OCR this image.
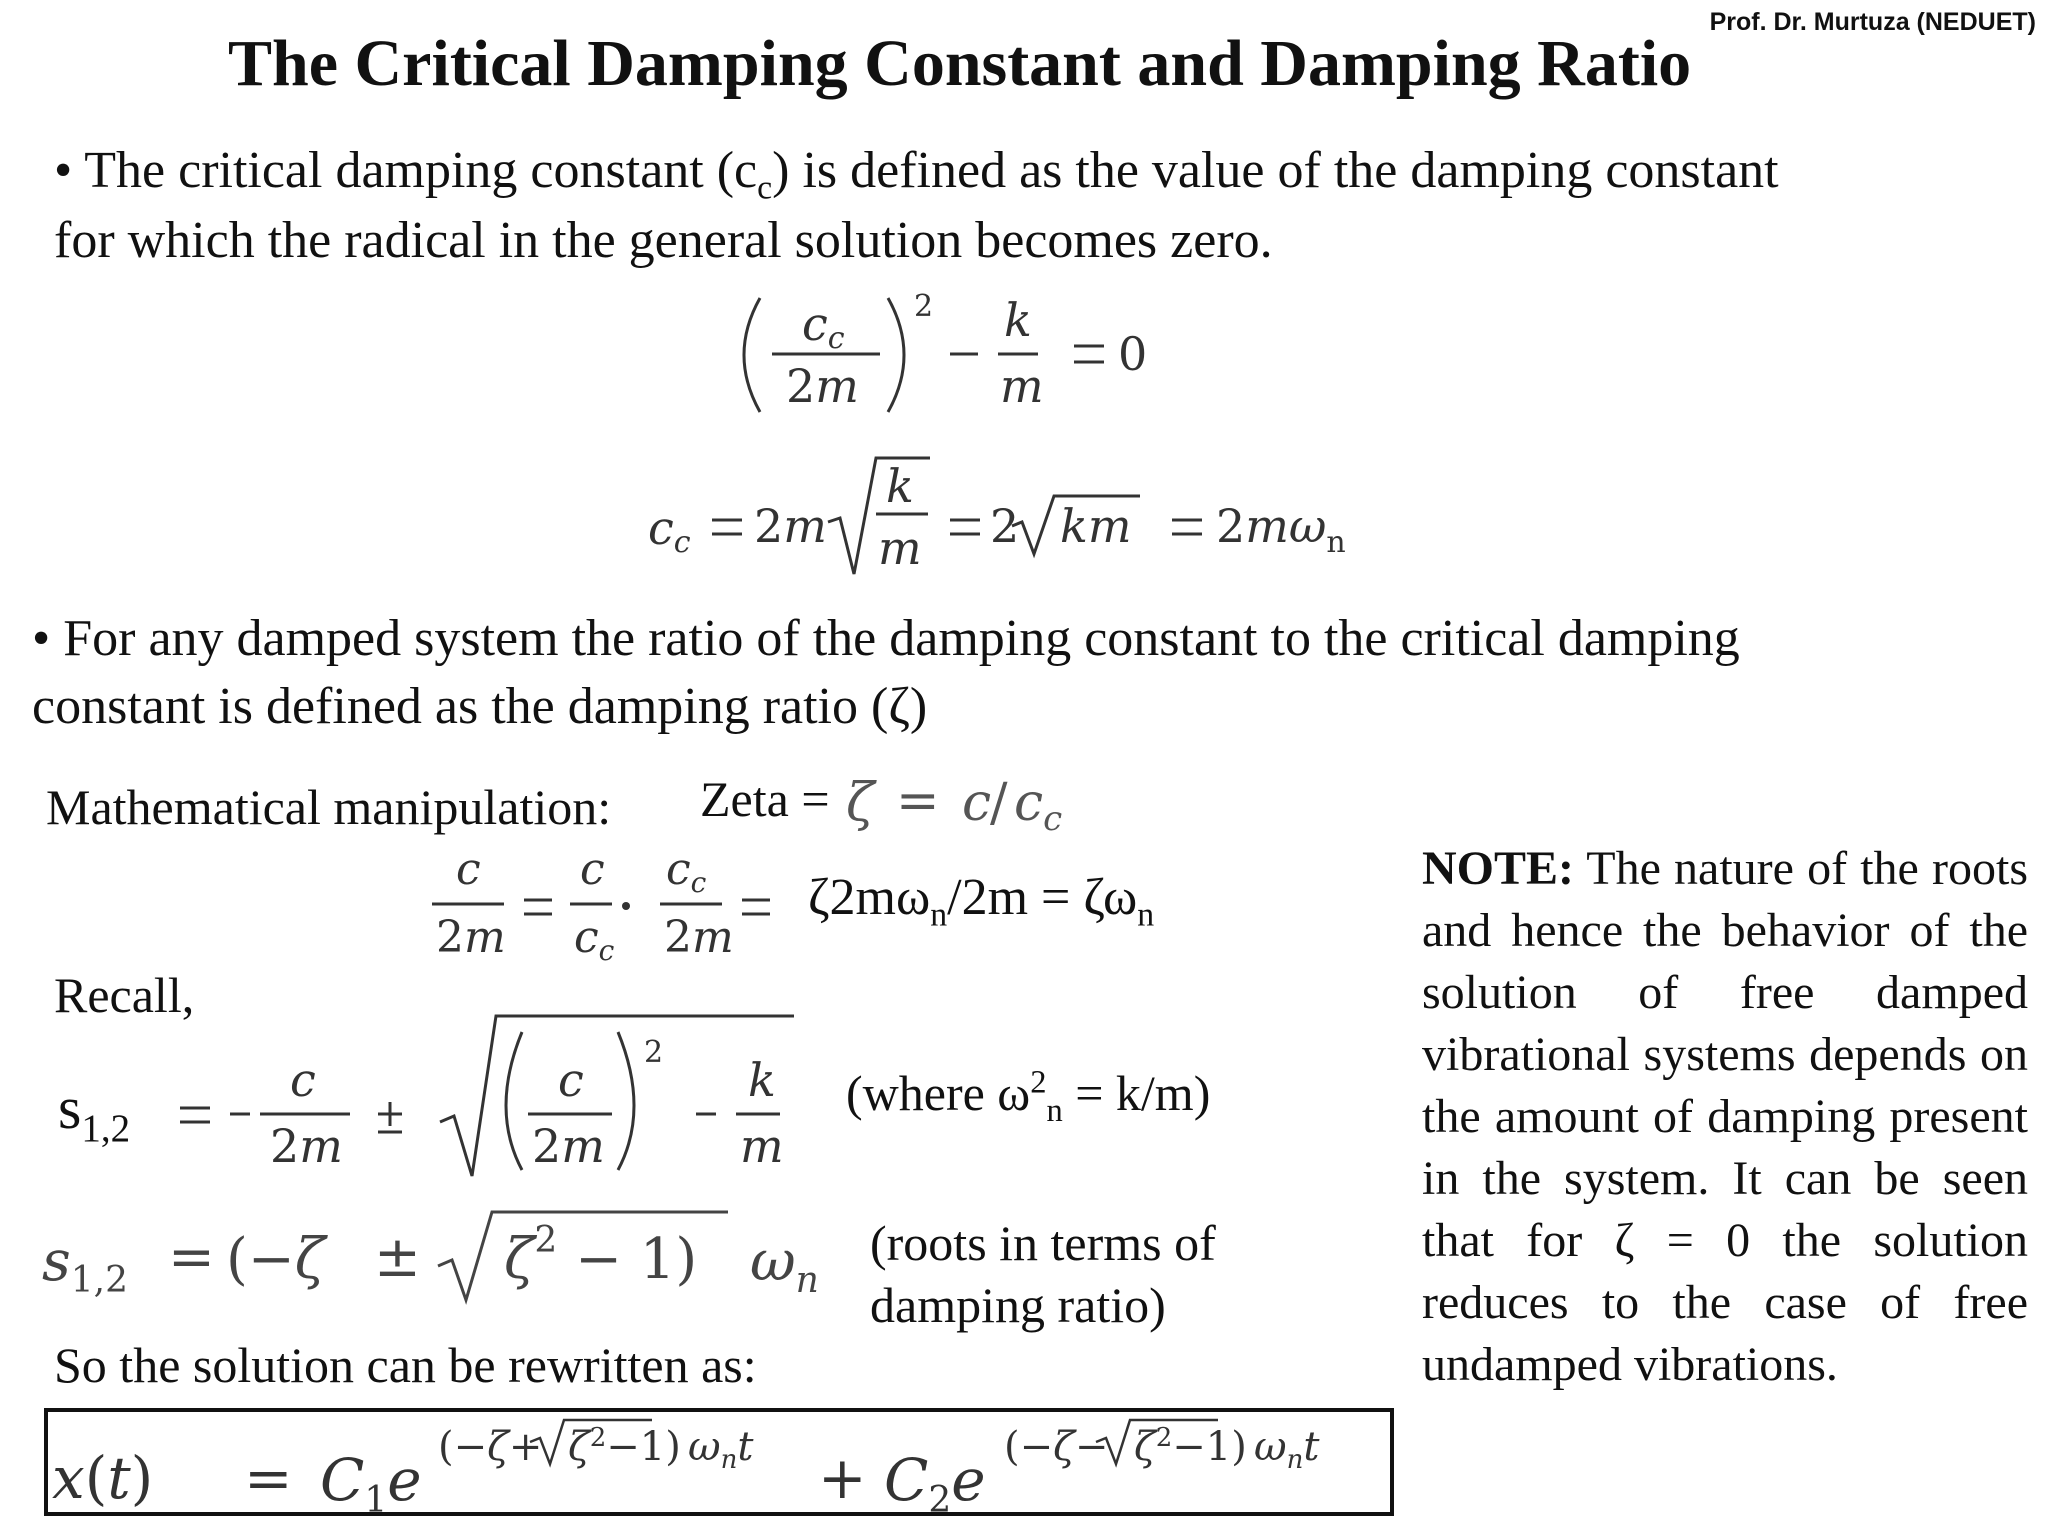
Prof. Dr. Murtuza (NEDUET)
The Critical Damping Constant and Damping Ratio
• The critical damping constant $(c_c)$ is defined as the value of the damping constant
for which the radical in the general solution becomes zero.
cc
2m
2 k
m
0
cc 2m
k
m 2 km $2m\omega_n$
• For any damped system the ratio of the damping constant to the critical damping
constant is defined as the damping ratio (ζ)
Mathematical manipulation: Zeta = ζ = c
/ cc
c
2m
c
cc
cc
2m
$\zeta 2m\omega_n/2m = \zeta\omega_n$
Recall,
$s_{1,2}$
c
2m
c
2m
2
k
m
(where $\omega^2_n = k/m$)
$s_{1,2} = (-\zeta \pm \zeta^2 - 1)$ $\omega_n$
(roots in terms of
damping ratio)
So the solution can be rewritten as:
$x(t) = C_1e$ $(-\zeta+ \zeta^2-1)$ $\omega_nt + C_2e$ $(-\zeta- \zeta^2-1)$ $\omega_nt$
NOTE: The nature of the roots and hence the behavior of the solution of free damped vibrational systems depends on the amount of damping present in the system. It can be seen that for ζ = 0 the solution reduces to the case of free undamped vibrations.
